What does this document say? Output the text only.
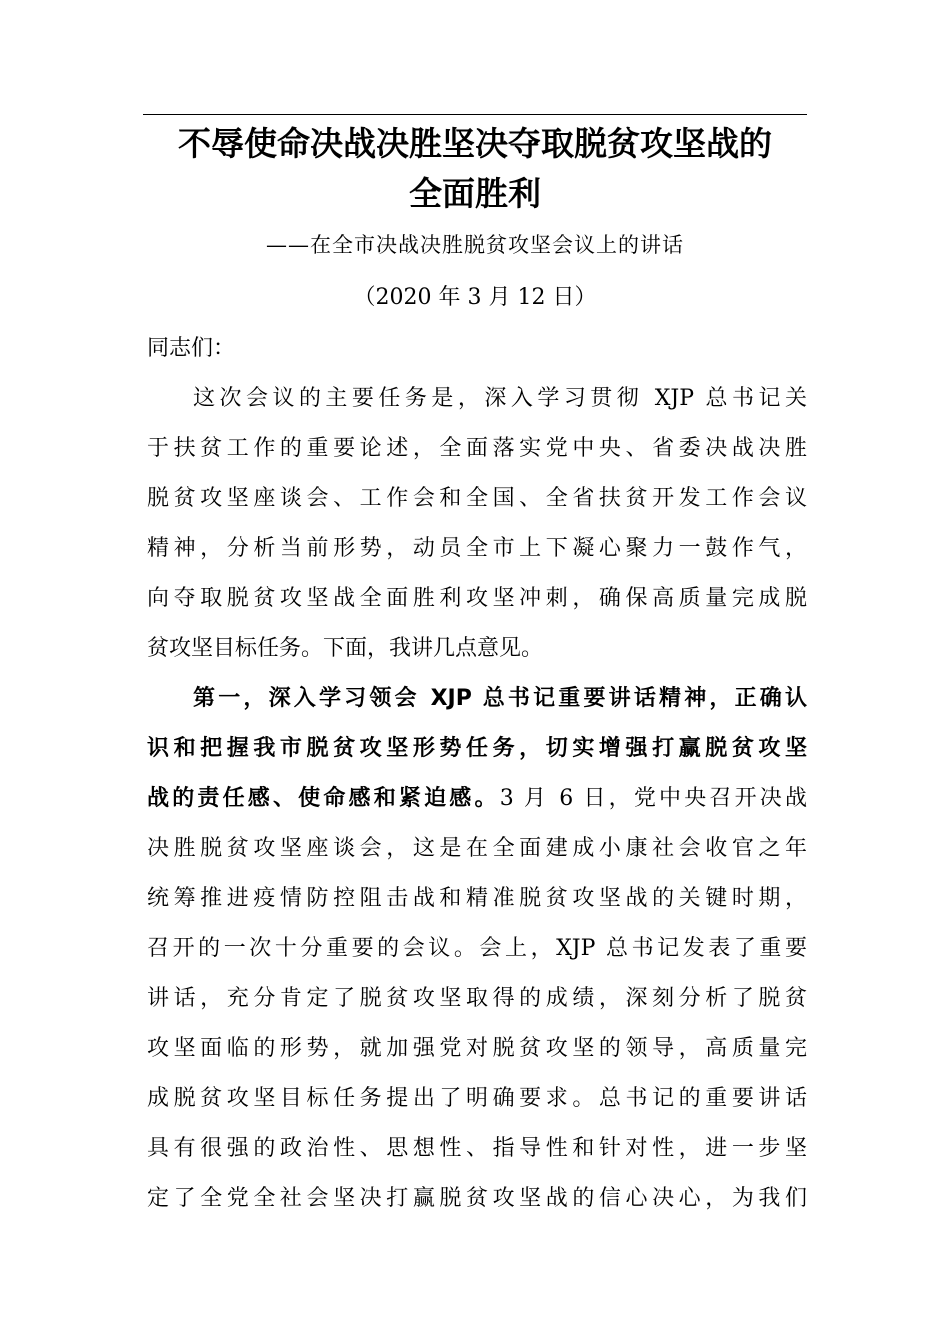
不辱使命决战决胜坚决夺取脱贫攻坚战的
全面胜利
——在全市决战决胜脱贫攻坚会议上的讲话
（2020 年 3 月 12 日）
同志们：
这次会议的主要任务是，深入学习贯彻 XJP 总书记关
于扶贫工作的重要论述，全面落实党中央、省委决战决胜
脱贫攻坚座谈会、工作会和全国、全省扶贫开发工作会议
精神，分析当前形势，动员全市上下凝心聚力一鼓作气，
向夺取脱贫攻坚战全面胜利攻坚冲刺，确保高质量完成脱
贫攻坚目标任务。下面，我讲几点意见。
第一，深入学习领会 XJP 总书记重要讲话精神，正确认
识和把握我市脱贫攻坚形势任务，切实增强打赢脱贫攻坚
战的责任感、使命感和紧迫感。3 月 6 日，党中央召开决战
决胜脱贫攻坚座谈会，这是在全面建成小康社会收官之年
统筹推进疫情防控阻击战和精准脱贫攻坚战的关键时期，
召开的一次十分重要的会议。会上，XJP 总书记发表了重要
讲话，充分肯定了脱贫攻坚取得的成绩，深刻分析了脱贫
攻坚面临的形势，就加强党对脱贫攻坚的领导，高质量完
成脱贫攻坚目标任务提出了明确要求。总书记的重要讲话
具有很强的政治性、思想性、指导性和针对性，进一步坚
定了全党全社会坚决打赢脱贫攻坚战的信心决心，为我们
